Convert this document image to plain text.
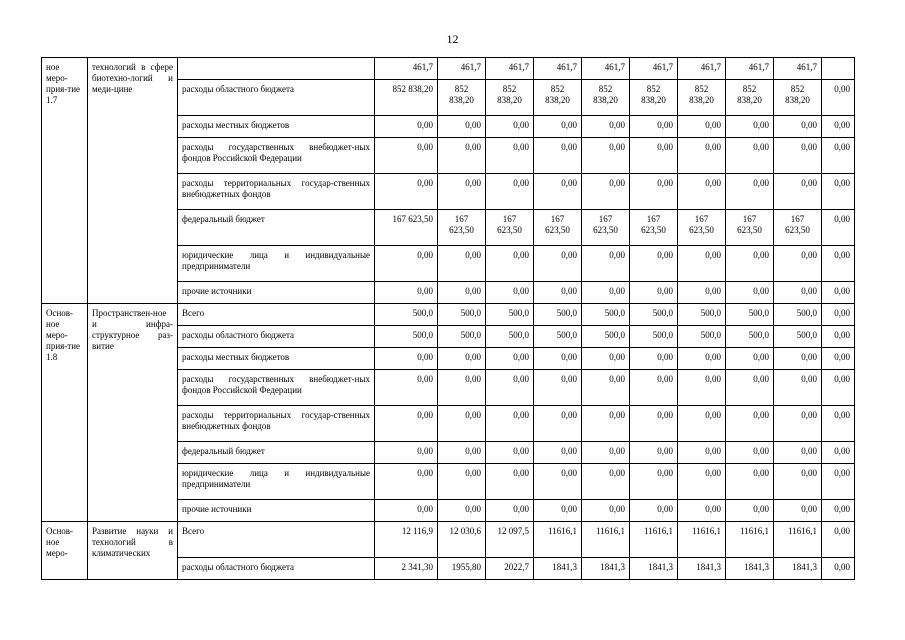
12
ное меро-прия-тие 1.7	технологий в сфере биотехно-логий и меди-цине		461,7	461,7	461,7	461,7	461,7	461,7	461,7	461,7	461,7	
		расходы областного бюджета	852 838,20	852 838,20	852 838,20	852 838,20	852 838,20	852 838,20	852 838,20	852 838,20	852 838,20	0,00
		расходы местных бюджетов	0,00	0,00	0,00	0,00	0,00	0,00	0,00	0,00	0,00	0,00
		расходы государственных внебюджет-ных фондов Российской Федерации	0,00	0,00	0,00	0,00	0,00	0,00	0,00	0,00	0,00	0,00
		расходы территориальных государ-ственных внебюджетных фондов	0,00	0,00	0,00	0,00	0,00	0,00	0,00	0,00	0,00	0,00
		федеральный бюджет	167 623,50	167 623,50	167 623,50	167 623,50	167 623,50	167 623,50	167 623,50	167 623,50	167 623,50	0,00
		юридические лица и индивидуальные предприниматели	0,00	0,00	0,00	0,00	0,00	0,00	0,00	0,00	0,00	0,00
		прочие источники	0,00	0,00	0,00	0,00	0,00	0,00	0,00	0,00	0,00	0,00
Основ-ное меро-прия-тие 1.8	Пространствен-ное и инфра-структурное раз-витие	Всего	500,0	500,0	500,0	500,0	500,0	500,0	500,0	500,0	500,0	0,00
		расходы областного бюджета	500,0	500,0	500,0	500,0	500,0	500,0	500,0	500,0	500,0	0,00
		расходы местных бюджетов	0,00	0,00	0,00	0,00	0,00	0,00	0,00	0,00	0,00	0,00
		расходы государственных внебюджет-ных фондов Российской Федерации	0,00	0,00	0,00	0,00	0,00	0,00	0,00	0,00	0,00	0,00
		расходы территориальных государ-ственных внебюджетных фондов	0,00	0,00	0,00	0,00	0,00	0,00	0,00	0,00	0,00	0,00
		федеральный бюджет	0,00	0,00	0,00	0,00	0,00	0,00	0,00	0,00	0,00	0,00
		юридические лица и индивидуальные предприниматели	0,00	0,00	0,00	0,00	0,00	0,00	0,00	0,00	0,00	0,00
		прочие источники	0,00	0,00	0,00	0,00	0,00	0,00	0,00	0,00	0,00	0,00
Основ-ное меро-	Развитие науки и технологий в климатических	Всего	12 116,9	12 030,6	12 097,5	11616,1	11616,1	11616,1	11616,1	11616,1	11616,1	0,00
		расходы областного бюджета	2 341,30	1955,80	2022,7	1841,3	1841,3	1841,3	1841,3	1841,3	1841,3	0,00
